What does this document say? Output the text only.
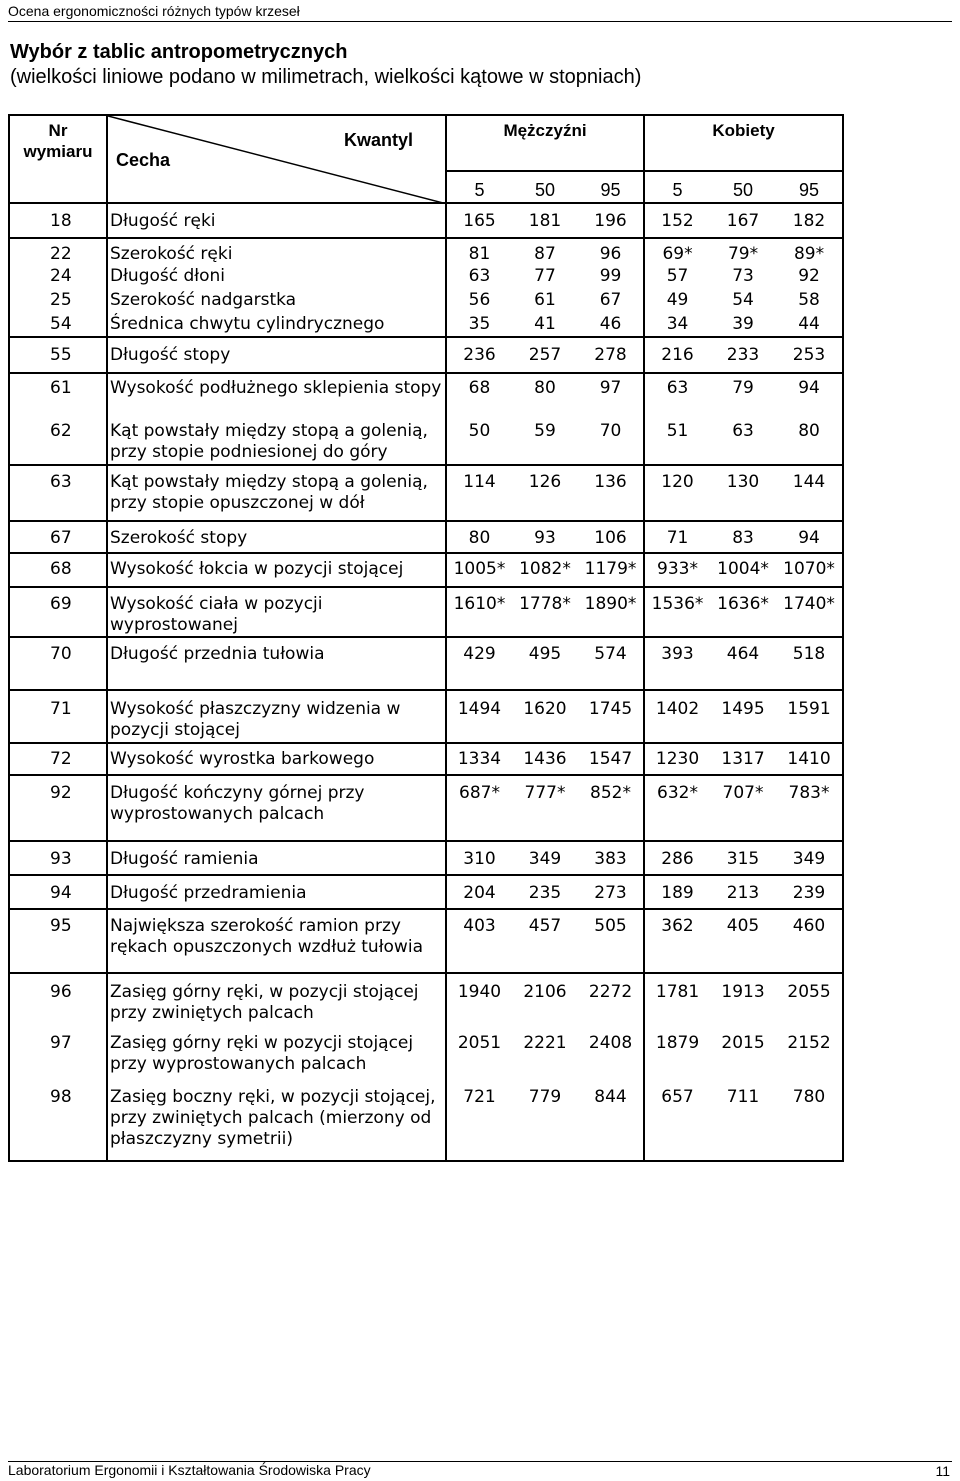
Ocena ergonomiczności różnych typów krzeseł
Wybór z tablic antropometrycznych
(wielkości liniowe podano w milimetrach, wielkości kątowe w stopniach)
Nr wymiaru	Cecha
Kwantyl	Mężczyźni			Kobiety		
		5	50	95	5	50	95
18	Długość ręki	165	181	196	152	167	182
22	Szerokość ręki	81	87	96	69*	79*	89*
24	Długość dłoni	63	77	99	57	73	92
25	Szerokość nadgarstka	56	61	67	49	54	58
54	Średnica chwytu cylindrycznego	35	41	46	34	39	44
55	Długość stopy	236	257	278	216	233	253
61	Wysokość podłużnego sklepienia stopy	68	80	97	63	79	94
62	Kąt powstały między stopą a golenią, przy stopie podniesionej do góry	50	59	70	51	63	80
63	Kąt powstały między stopą a golenią, przy stopie opuszczonej w dół	114	126	136	120	130	144
67	Szerokość stopy	80	93	106	71	83	94
68	Wysokość łokcia w pozycji stojącej	1005*	1082*	1179*	933*	1004*	1070*
69	Wysokość ciała w pozycji wyprostowanej	1610*	1778*	1890*	1536*	1636*	1740*
70	Długość przednia tułowia	429	495	574	393	464	518
71	Wysokość płaszczyzny widzenia w pozycji stojącej	1494	1620	1745	1402	1495	1591
72	Wysokość wyrostka barkowego	1334	1436	1547	1230	1317	1410
92	Długość kończyny górnej przy wyprostowanych palcach	687*	777*	852*	632*	707*	783*
93	Długość ramienia	310	349	383	286	315	349
94	Długość przedramienia	204	235	273	189	213	239
95	Największa szerokość ramion przy rękach opuszczonych wzdłuż tułowia	403	457	505	362	405	460
96	Zasięg górny ręki, w pozycji stojącej przy zwiniętych palcach	1940	2106	2272	1781	1913	2055
97	Zasięg górny ręki w pozycji stojącej przy wyprostowanych palcach	2051	2221	2408	1879	2015	2152
98	Zasięg boczny ręki, w pozycji stojącej, przy zwiniętych palcach (mierzony od płaszczyzny symetrii)	721	779	844	657	711	780
Laboratorium Ergonomii i Kształtowania Środowiska Pracy	11
